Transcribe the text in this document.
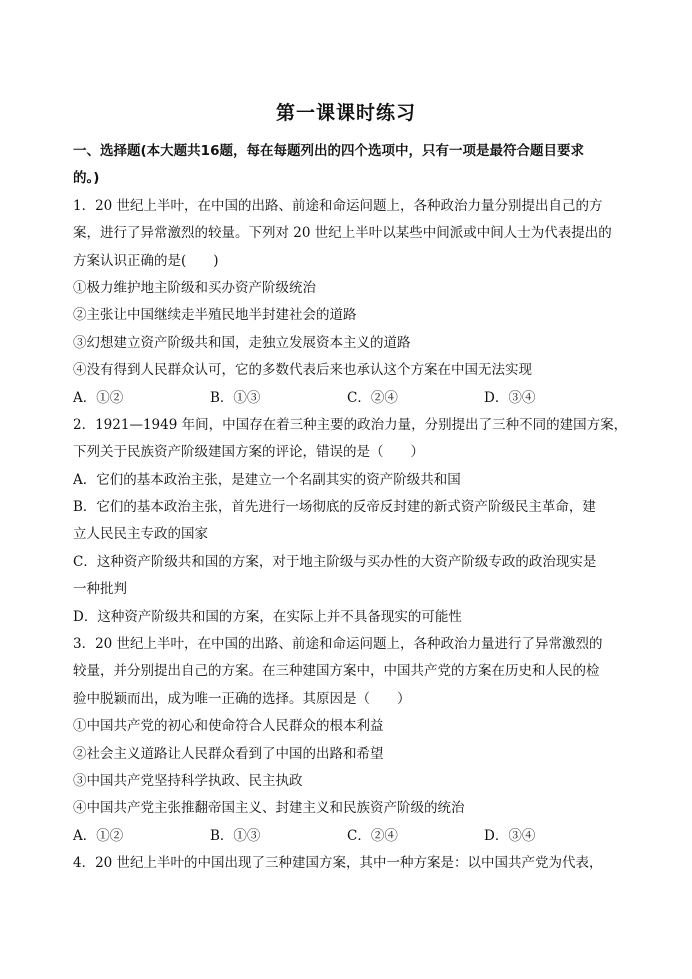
第一课课时练习
一、选择题(本大题共16题，每在每题列出的四个选项中，只有一项是最符合题目要求
的。)
1．20 世纪上半叶，在中国的出路、前途和命运问题上，各种政治力量分别提出自己的方
案，进行了异常激烈的较量。下列对 20 世纪上半叶以某些中间派或中间人士为代表提出的
方案认识正确的是(　　)
①极力维护地主阶级和买办资产阶级统治
②主张让中国继续走半殖民地半封建社会的道路
③幻想建立资产阶级共和国，走独立发展资本主义的道路
④没有得到人民群众认可，它的多数代表后来也承认这个方案在中国无法实现
A．①②	B．①③	C．②④	D．③④
2．1921—1949 年间，中国存在着三种主要的政治力量，分别提出了三种不同的建国方案，
下列关于民族资产阶级建国方案的评论，错误的是（　　）
A．它们的基本政治主张，是建立一个名副其实的资产阶级共和国
B．它们的基本政治主张，首先进行一场彻底的反帝反封建的新式资产阶级民主革命，建
立人民民主专政的国家
C．这种资产阶级共和国的方案，对于地主阶级与买办性的大资产阶级专政的政治现实是
一种批判
D．这种资产阶级共和国的方案，在实际上并不具备现实的可能性
3．20 世纪上半叶，在中国的出路、前途和命运问题上，各种政治力量进行了异常激烈的
较量，并分别提出自己的方案。在三种建国方案中，中国共产党的方案在历史和人民的检
验中脱颖而出，成为唯一正确的选择。其原因是（　　）
①中国共产党的初心和使命符合人民群众的根本利益
②社会主义道路让人民群众看到了中国的出路和希望
③中国共产党坚持科学执政、民主执政
④中国共产党主张推翻帝国主义、封建主义和民族资产阶级的统治
A．①②	B．①③	C．②④	D．③④
4．20 世纪上半叶的中国出现了三种建国方案，其中一种方案是：以中国共产党为代表，
